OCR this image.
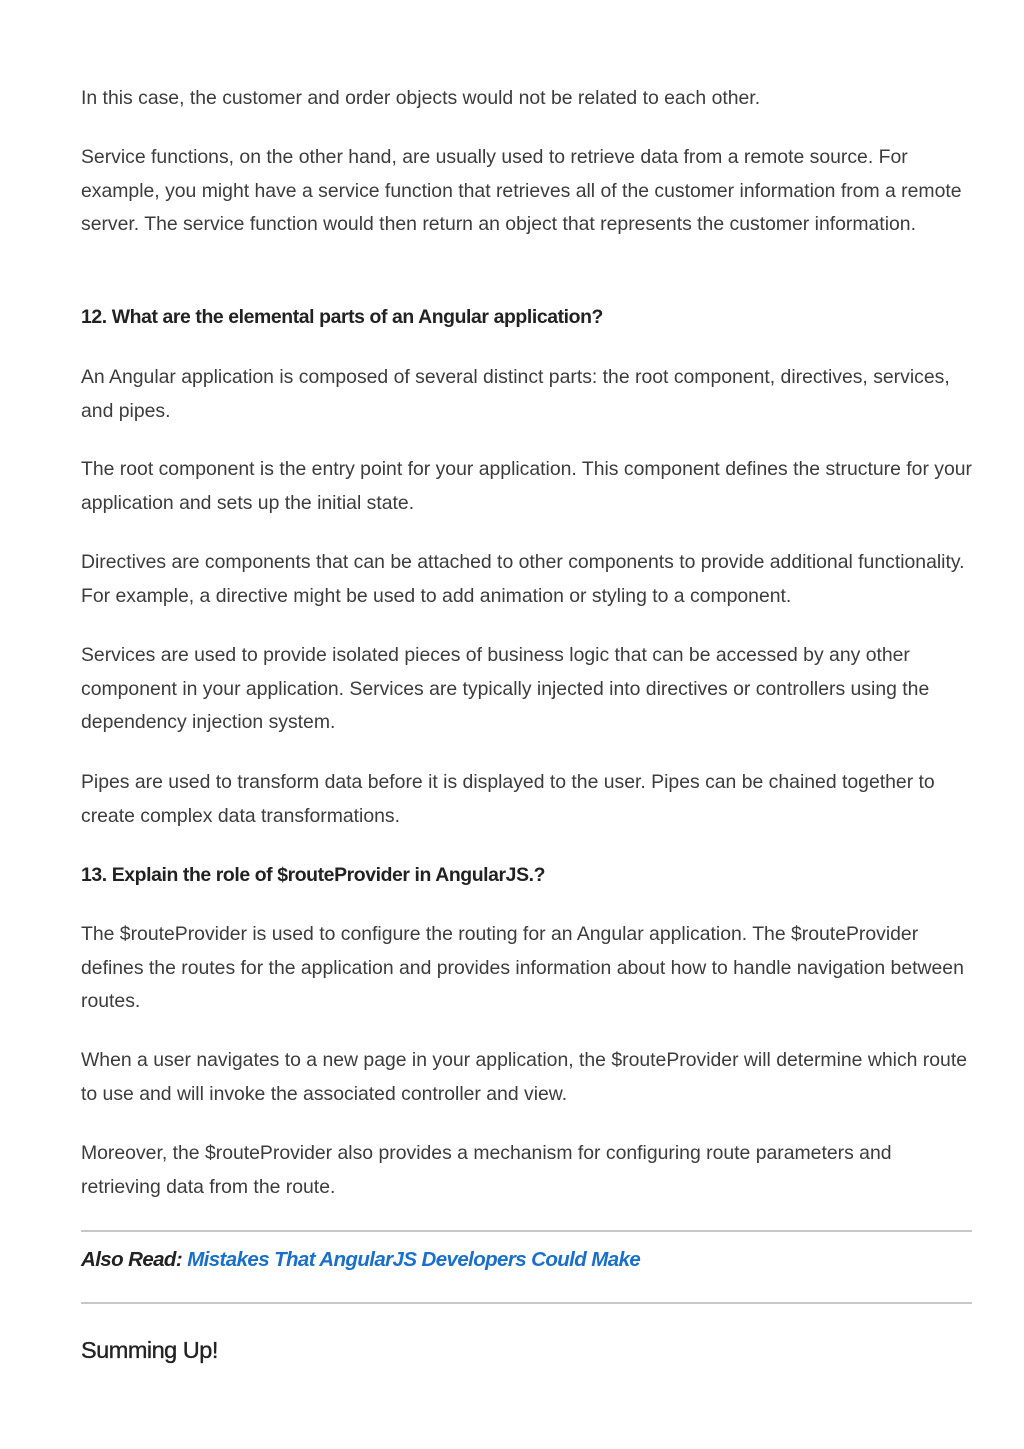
In this case, the customer and order objects would not be related to each other.

Service functions, on the other hand, are usually used to retrieve data from a remote source. For example, you might have a service function that retrieves all of the customer information from a remote server. The service function would then return an object that represents the customer information.

12. What are the elemental parts of an Angular application?

An Angular application is composed of several distinct parts: the root component, directives, services, and pipes.

The root component is the entry point for your application. This component defines the structure for your application and sets up the initial state.

Directives are components that can be attached to other components to provide additional functionality. For example, a directive might be used to add animation or styling to a component.

Services are used to provide isolated pieces of business logic that can be accessed by any other component in your application. Services are typically injected into directives or controllers using the dependency injection system.

Pipes are used to transform data before it is displayed to the user. Pipes can be chained together to create complex data transformations.

13. Explain the role of $routeProvider in AngularJS.?

The $routeProvider is used to configure the routing for an Angular application. The $routeProvider defines the routes for the application and provides information about how to handle navigation between routes.

When a user navigates to a new page in your application, the $routeProvider will determine which route to use and will invoke the associated controller and view.

Moreover, the $routeProvider also provides a mechanism for configuring route parameters and retrieving data from the route.

Also Read: Mistakes That AngularJS Developers Could Make
Summing Up!
